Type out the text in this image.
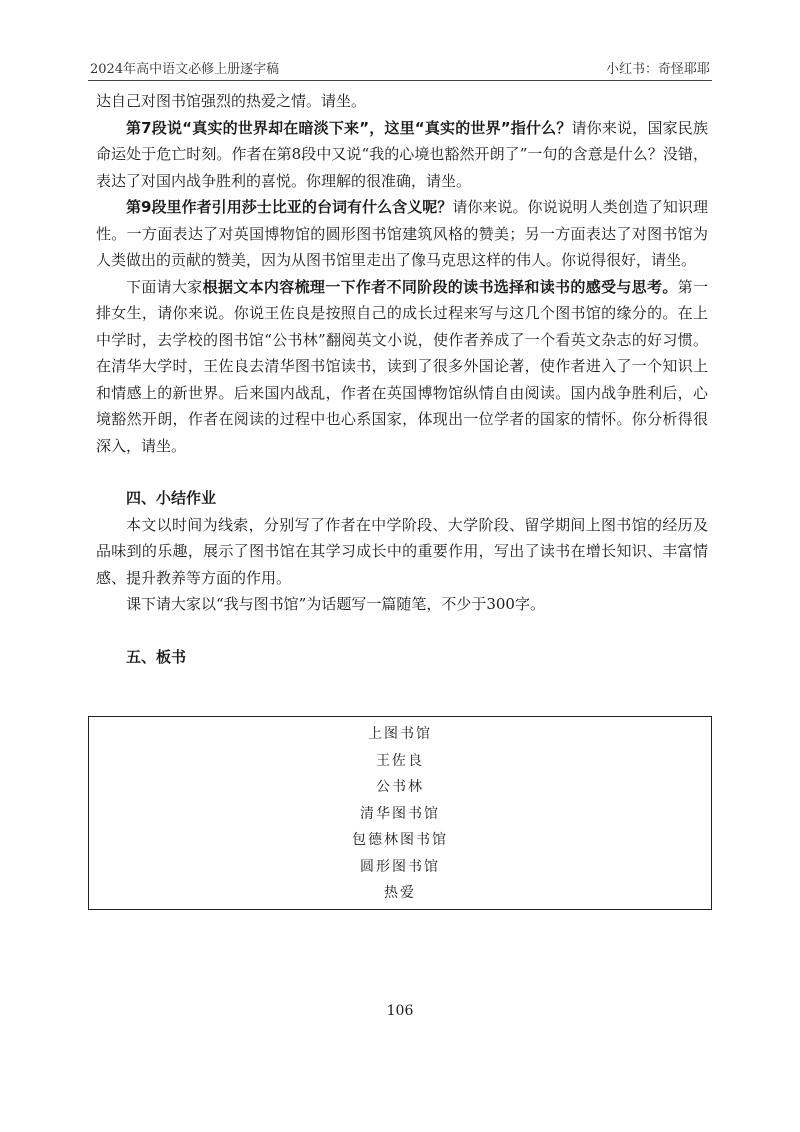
2024年高中语文必修上册逐字稿	小红书：奇怪耶耶

达自己对图书馆强烈的热爱之情。请坐。

第7段说“真实的世界却在暗淡下来”，这里“真实的世界”指什么？请你来说，国家民族命运处于危亡时刻。作者在第8段中又说“我的心境也豁然开朗了”一句的含意是什么？没错，表达了对国内战争胜利的喜悦。你理解的很准确，请坐。

第9段里作者引用莎士比亚的台词有什么含义呢？请你来说。你说说明人类创造了知识理性。一方面表达了对英国博物馆的圆形图书馆建筑风格的赞美；另一方面表达了对图书馆为人类做出的贡献的赞美，因为从图书馆里走出了像马克思这样的伟人。你说得很好，请坐。

下面请大家根据文本内容梳理一下作者不同阶段的读书选择和读书的感受与思考。第一排女生，请你来说。你说王佐良是按照自己的成长过程来写与这几个图书馆的缘分的。在上中学时，去学校的图书馆“公书林”翻阅英文小说，使作者养成了一个看英文杂志的好习惯。在清华大学时，王佐良去清华图书馆读书，读到了很多外国论著，使作者进入了一个知识上和情感上的新世界。后来国内战乱，作者在英国博物馆纵情自由阅读。国内战争胜利后，心境豁然开朗，作者在阅读的过程中也心系国家，体现出一位学者的国家的情怀。你分析得很深入，请坐。

四、小结作业

本文以时间为线索，分别写了作者在中学阶段、大学阶段、留学期间上图书馆的经历及品味到的乐趣，展示了图书馆在其学习成长中的重要作用，写出了读书在增长知识、丰富情感、提升教养等方面的作用。

课下请大家以“我与图书馆”为话题写一篇随笔，不少于300字。

五、板书

上图书馆
王佐良
公书林
清华图书馆
包德林图书馆
圆形图书馆
热爱
106
